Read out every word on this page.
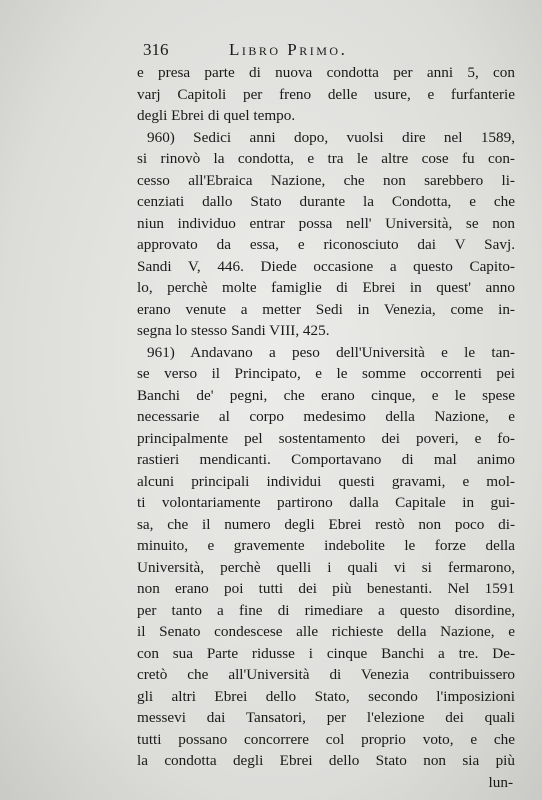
316	Libro Primo.
e presa parte di nuova condotta per anni 5, con
varj Capitoli per freno delle usure, e furfanterie
degli Ebrei di quel tempo.
960) Sedici anni dopo, vuolsi dire nel 1589,
si rinovò la condotta, e tra le altre cose fu con-
cesso all'Ebraica Nazione, che non sarebbero li-
cenziati dallo Stato durante la Condotta, e che
niun individuo entrar possa nell' Università, se non
approvato da essa, e riconosciuto dai V Savj.
Sandi V, 446. Diede occasione a questo Capito-
lo, perchè molte famiglie di Ebrei in quest' anno
erano venute a metter Sedi in Venezia, come in-
segna lo stesso Sandi VIII, 425.
961) Andavano a peso dell'Università e le tan-
se verso il Principato, e le somme occorrenti pei
Banchi de' pegni, che erano cinque, e le spese
necessarie al corpo medesimo della Nazione, e
principalmente pel sostentamento dei poveri, e fo-
rastieri mendicanti. Comportavano di mal animo
alcuni principali individui questi gravami, e mol-
ti volontariamente partirono dalla Capitale in gui-
sa, che il numero degli Ebrei restò non poco di-
minuito, e gravemente indebolite le forze della
Università, perchè quelli i quali vi si fermarono,
non erano poi tutti dei più benestanti. Nel 1591
per tanto a fine di rimediare a questo disordine,
il Senato condescese alle richieste della Nazione, e
con sua Parte ridusse i cinque Banchi a tre. De-
cretò che all'Università di Venezia contribuissero
gli altri Ebrei dello Stato, secondo l'imposizioni
messevi dai Tansatori, per l'elezione dei quali
tutti possano concorrere col proprio voto, e che
la condotta degli Ebrei dello Stato non sia più
lun-
